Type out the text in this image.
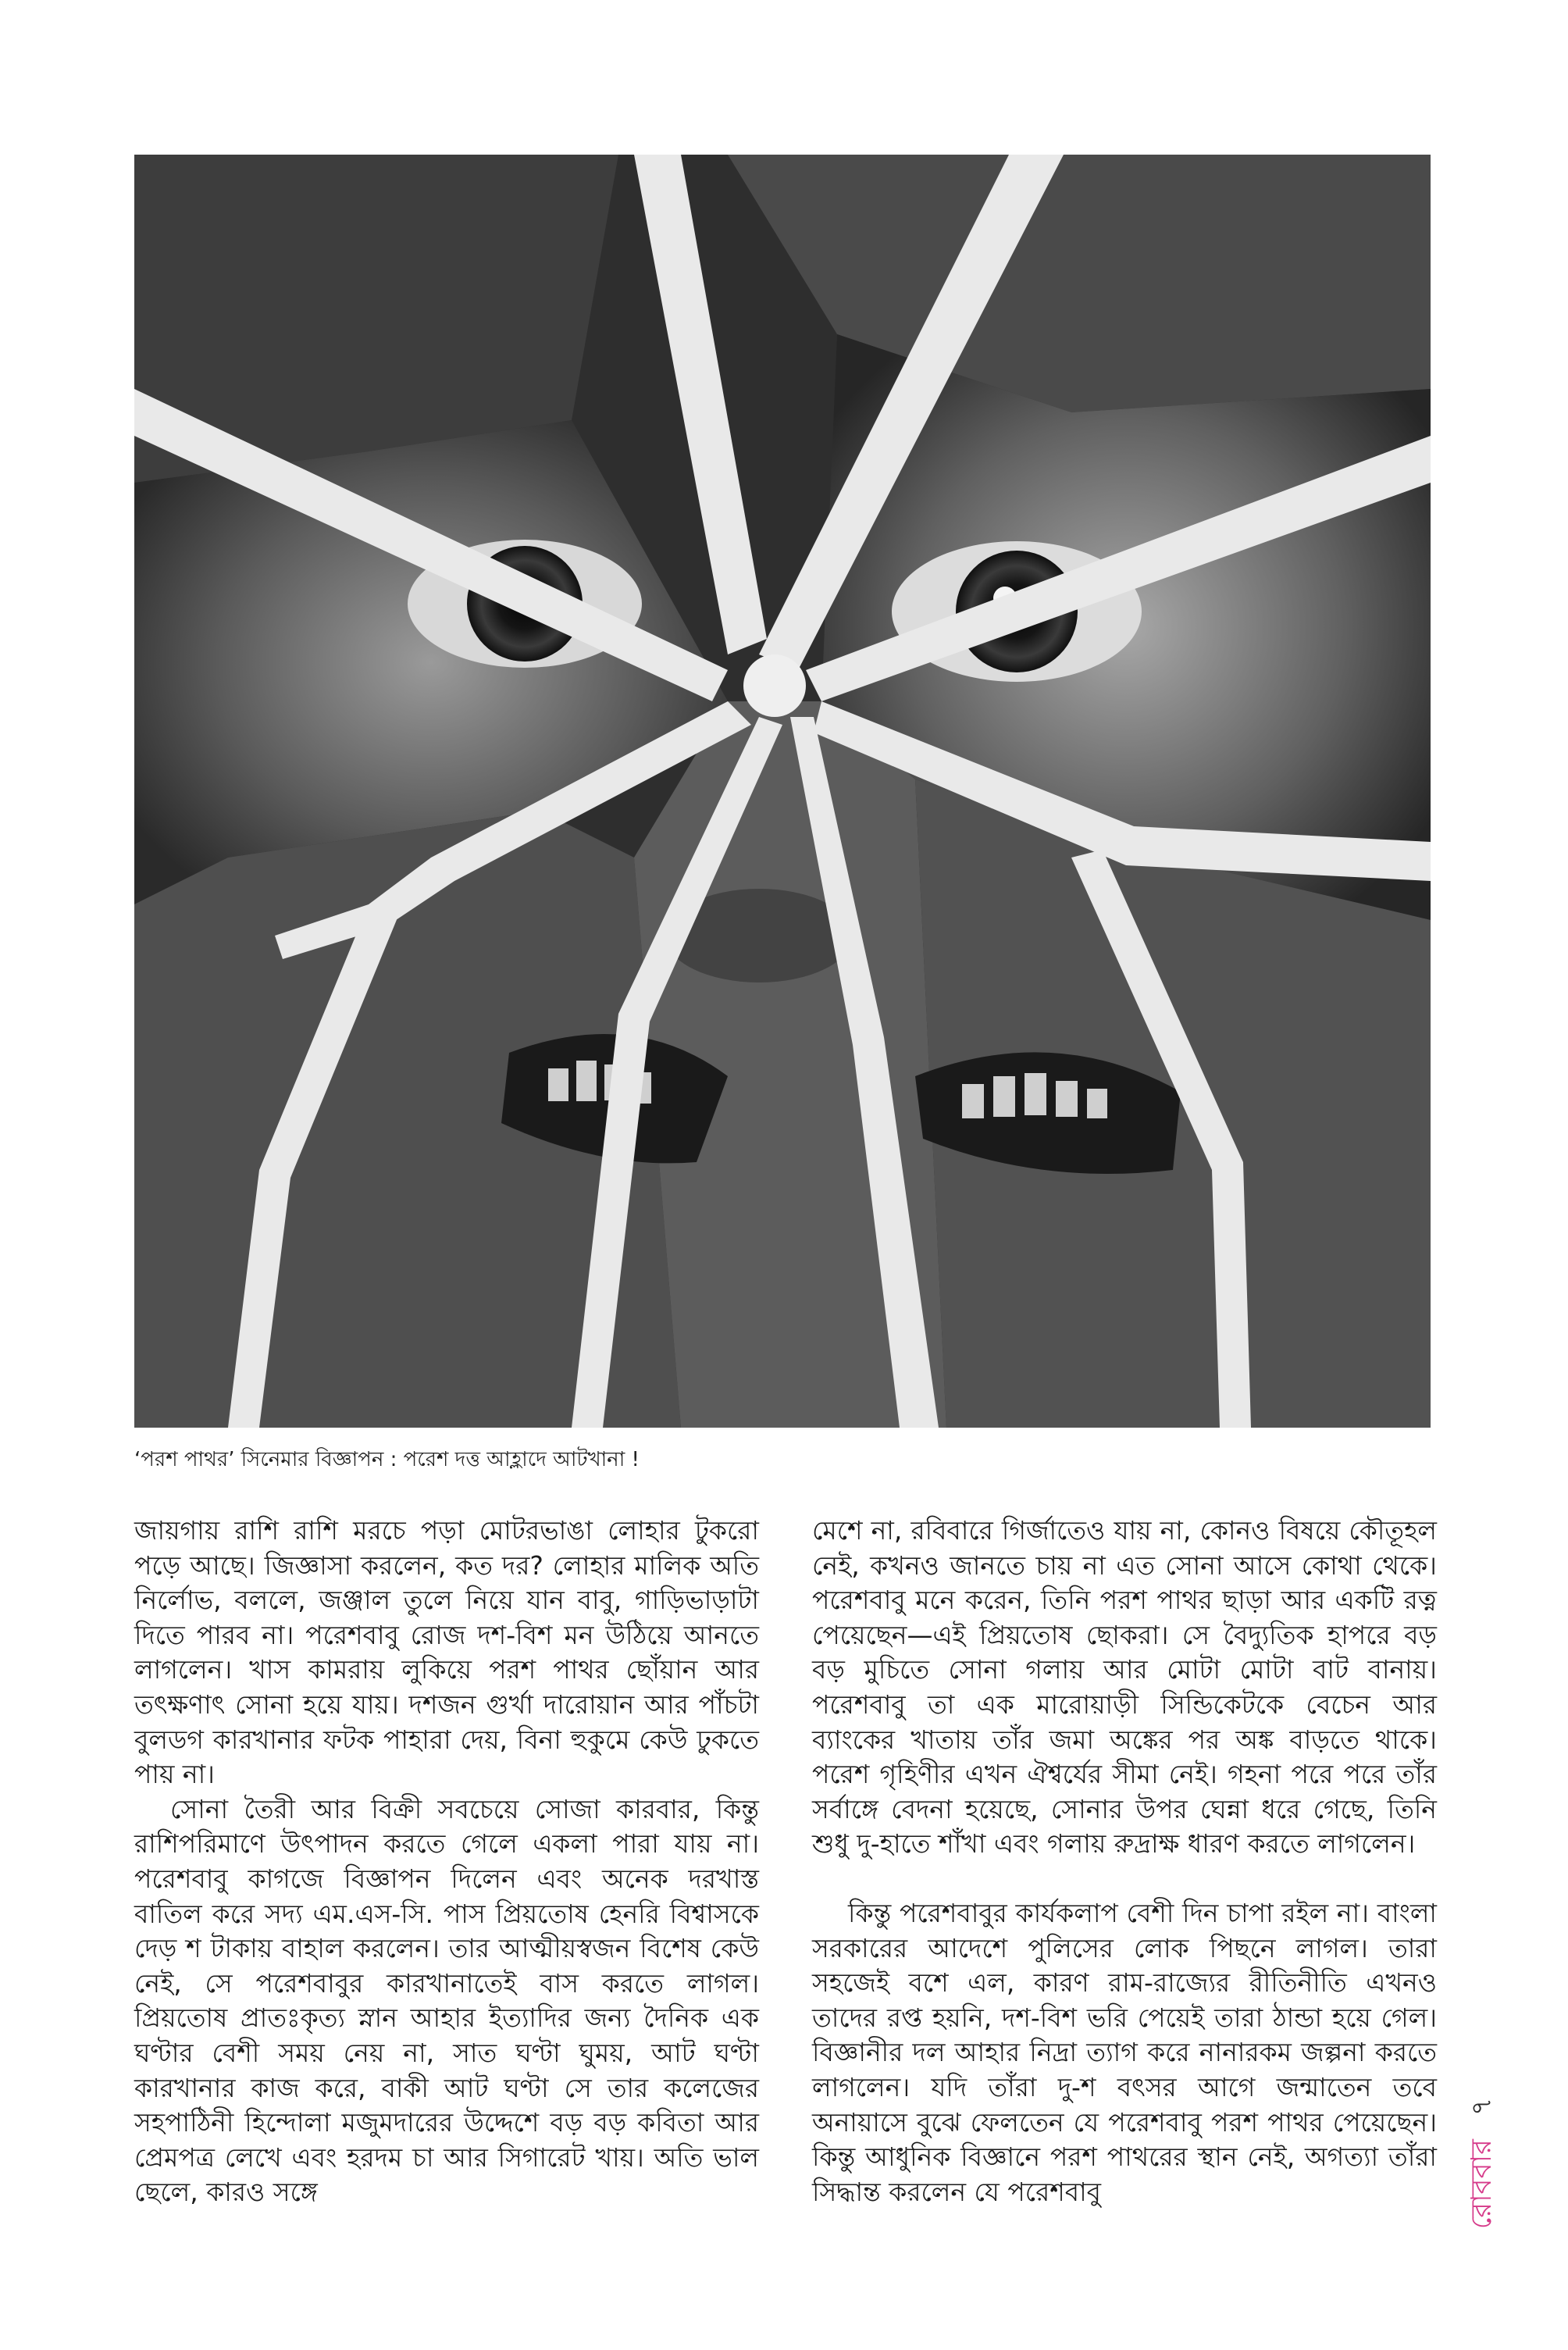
‘পরশ পাথর’ সিনেমার বিজ্ঞাপন : পরেশ দত্ত আহ্লাদে আটখানা !

জায়গায় রাশি রাশি মরচে পড়া মোটরভাঙা লোহার টুকরো পড়ে আছে। জিজ্ঞাসা করলেন, কত দর? লোহার মালিক অতি নির্লোভ, বললে, জঞ্জাল তুলে নিয়ে যান বাবু, গাড়িভাড়াটা দিতে পারব না। পরেশবাবু রোজ দশ-বিশ মন উঠিয়ে আনতে লাগলেন। খাস কামরায় লুকিয়ে পরশ পাথর ছোঁয়ান আর তৎক্ষণাৎ সোনা হয়ে যায়। দশজন গুর্খা দারোয়ান আর পাঁচটা বুলডগ কারখানার ফটক পাহারা দেয়, বিনা হুকুমে কেউ ঢুকতে পায় না।

সোনা তৈরী আর বিক্রী সবচেয়ে সোজা কারবার, কিন্তু রাশিপরিমাণে উৎপাদন করতে গেলে একলা পারা যায় না। পরেশবাবু কাগজে বিজ্ঞাপন দিলেন এবং অনেক দরখাস্ত বাতিল করে সদ্য এম.এস-সি. পাস প্রিয়তোষ হেনরি বিশ্বাসকে দেড় শ টাকায় বাহাল করলেন। তার আত্মীয়স্বজন বিশেষ কেউ নেই, সে পরেশবাবুর কারখানাতেই বাস করতে লাগল। প্রিয়তোষ প্রাতঃকৃত্য স্নান আহার ইত্যাদির জন্য দৈনিক এক ঘণ্টার বেশী সময় নেয় না, সাত ঘণ্টা ঘুময়, আট ঘণ্টা কারখানার কাজ করে, বাকী আট ঘণ্টা সে তার কলেজের সহপাঠিনী হিন্দোলা মজুমদারের উদ্দেশে বড় বড় কবিতা আর প্রেমপত্র লেখে এবং হরদম চা আর সিগারেট খায়। অতি ভাল ছেলে, কারও সঙ্গে

মেশে না, রবিবারে গির্জাতেও যায় না, কোনও বিষয়ে কৌতূহল নেই, কখনও জানতে চায় না এত সোনা আসে কোথা থেকে। পরেশবাবু মনে করেন, তিনি পরশ পাথর ছাড়া আর একটি রত্ন পেয়েছেন—এই প্রিয়তোষ ছোকরা। সে বৈদ্যুতিক হাপরে বড় বড় মুচিতে সোনা গলায় আর মোটা মোটা বাট বানায়। পরেশবাবু তা এক মারোয়াড়ী সিন্ডিকেটকে বেচেন আর ব্যাংকের খাতায় তাঁর জমা অঙ্কের পর অঙ্ক বাড়তে থাকে। পরেশ গৃহিণীর এখন ঐশ্বর্যের সীমা নেই। গহনা পরে পরে তাঁর সর্বাঙ্গে বেদনা হয়েছে, সোনার উপর ঘেন্না ধরে গেছে, তিনি শুধু দু-হাতে শাঁখা এবং গলায় রুদ্রাক্ষ ধারণ করতে লাগলেন।

কিন্তু পরেশবাবুর কার্যকলাপ বেশী দিন চাপা রইল না। বাংলা সরকারের আদেশে পুলিসের লোক পিছনে লাগল। তারা সহজেই বশে এল, কারণ রাম-রাজ্যের রীতিনীতি এখনও তাদের রপ্ত হয়নি, দশ-বিশ ভরি পেয়েই তারা ঠান্ডা হয়ে গেল। বিজ্ঞানীর দল আহার নিদ্রা ত্যাগ করে নানারকম জল্পনা করতে লাগলেন। যদি তাঁরা দু-শ বৎসর আগে জন্মাতেন তবে অনায়াসে বুঝে ফেলতেন যে পরেশবাবু পরশ পাথর পেয়েছেন। কিন্তু আধুনিক বিজ্ঞানে পরশ পাথরের স্থান নেই, অগত্যা তাঁরা সিদ্ধান্ত করলেন যে পরেশবাবু	রোববার৭
